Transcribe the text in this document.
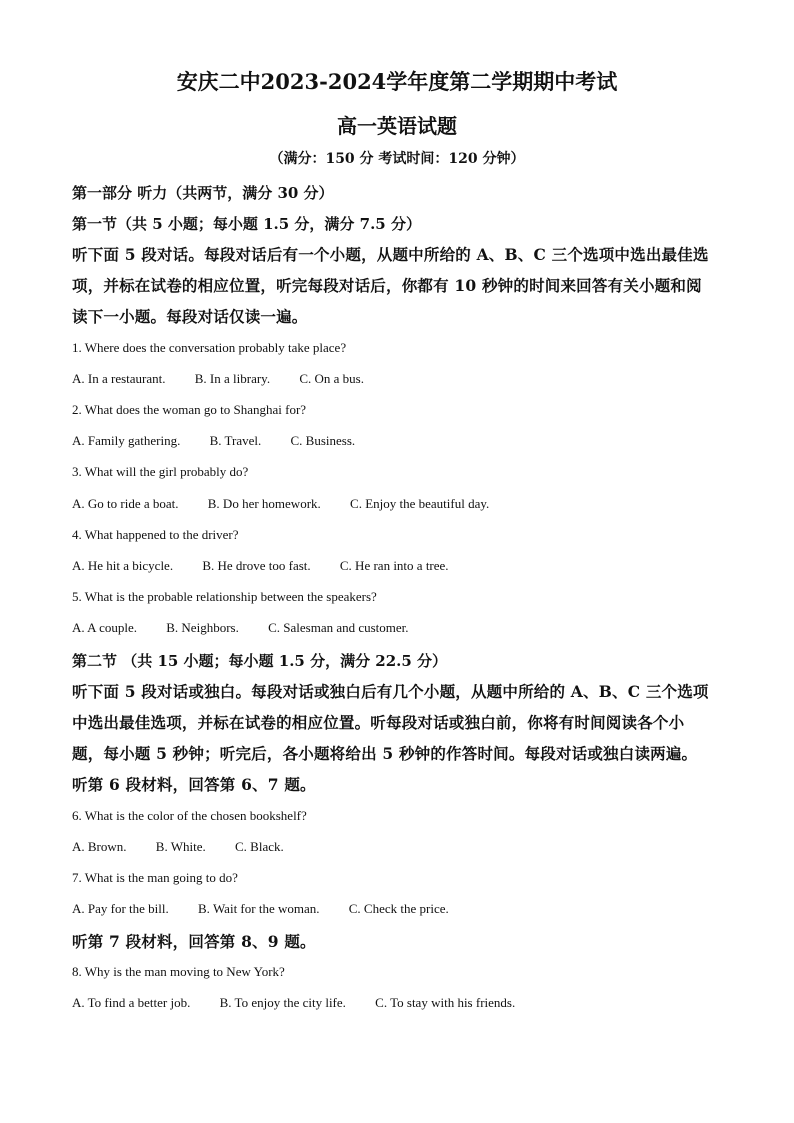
安庆二中2023-2024学年度第二学期期中考试
高一英语试题
（满分：150 分 考试时间：120 分钟）
第一部分 听力（共两节，满分 30 分）
第一节（共 5 小题；每小题 1.5 分，满分 7.5 分）
听下面 5 段对话。每段对话后有一个小题，从题中所给的 A、B、C 三个选项中选出最佳选
项，并标在试卷的相应位置，听完每段对话后，你都有 10 秒钟的时间来回答有关小题和阅
读下一小题。每段对话仅读一遍。
1. Where does the conversation probably take place?
A. In a restaurant. B. In a library. C. On a bus.
2. What does the woman go to Shanghai for?
A. Family gathering. B. Travel. C. Business.
3. What will the girl probably do?
A. Go to ride a boat. B. Do her homework. C. Enjoy the beautiful day.
4. What happened to the driver?
A. He hit a bicycle. B. He drove too fast. C. He ran into a tree.
5. What is the probable relationship between the speakers?
A. A couple. B. Neighbors. C. Salesman and customer.
第二节 （共 15 小题；每小题 1.5 分，满分 22.5 分）
听下面 5 段对话或独白。每段对话或独白后有几个小题，从题中所给的 A、B、C 三个选项
中选出最佳选项，并标在试卷的相应位置。听每段对话或独白前，你将有时间阅读各个小
题，每小题 5 秒钟；听完后，各小题将给出 5 秒钟的作答时间。每段对话或独白读两遍。
听第 6 段材料，回答第 6、7 题。
6. What is the color of the chosen bookshelf?
A. Brown. B. White. C. Black.
7. What is the man going to do?
A. Pay for the bill. B. Wait for the woman. C. Check the price.
听第 7 段材料，回答第 8、9 题。
8. Why is the man moving to New York?
A. To find a better job. B. To enjoy the city life. C. To stay with his friends.
